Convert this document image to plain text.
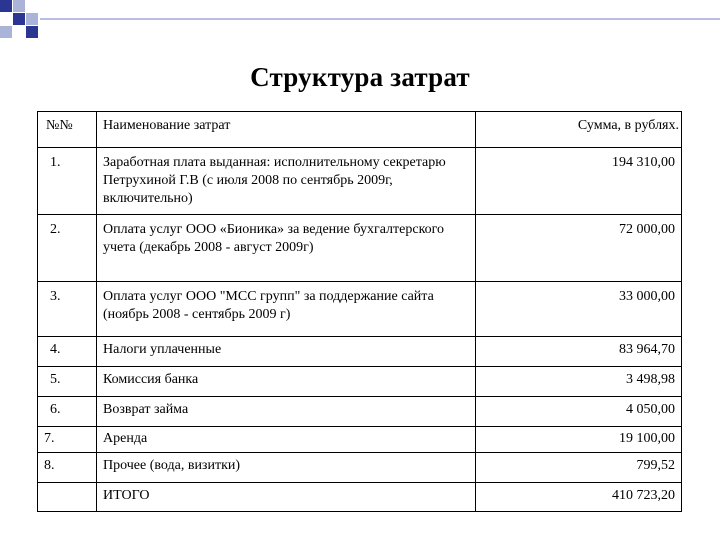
Структура затрат
№№	Наименование затрат	Сумма, в рублях.
1.	Заработная плата выданная: исполнительному секретарю Петрухиной Г.В (с июля 2008 по сентябрь 2009г, включительно)	194 310,00
2.	Оплата услуг ООО «Бионика» за ведение бухгалтерского учета (декабрь 2008 - август 2009г)	72 000,00
3.	Оплата услуг ООО "МСС групп" за поддержание сайта (ноябрь 2008 - сентябрь 2009 г)	33 000,00
4.	Налоги уплаченные	83 964,70
5.	Комиссия банка	3 498,98
6.	Возврат займа	4 050,00
7.	Аренда	19 100,00
8.	Прочее (вода, визитки)	799,52
	ИТОГО	410 723,20
